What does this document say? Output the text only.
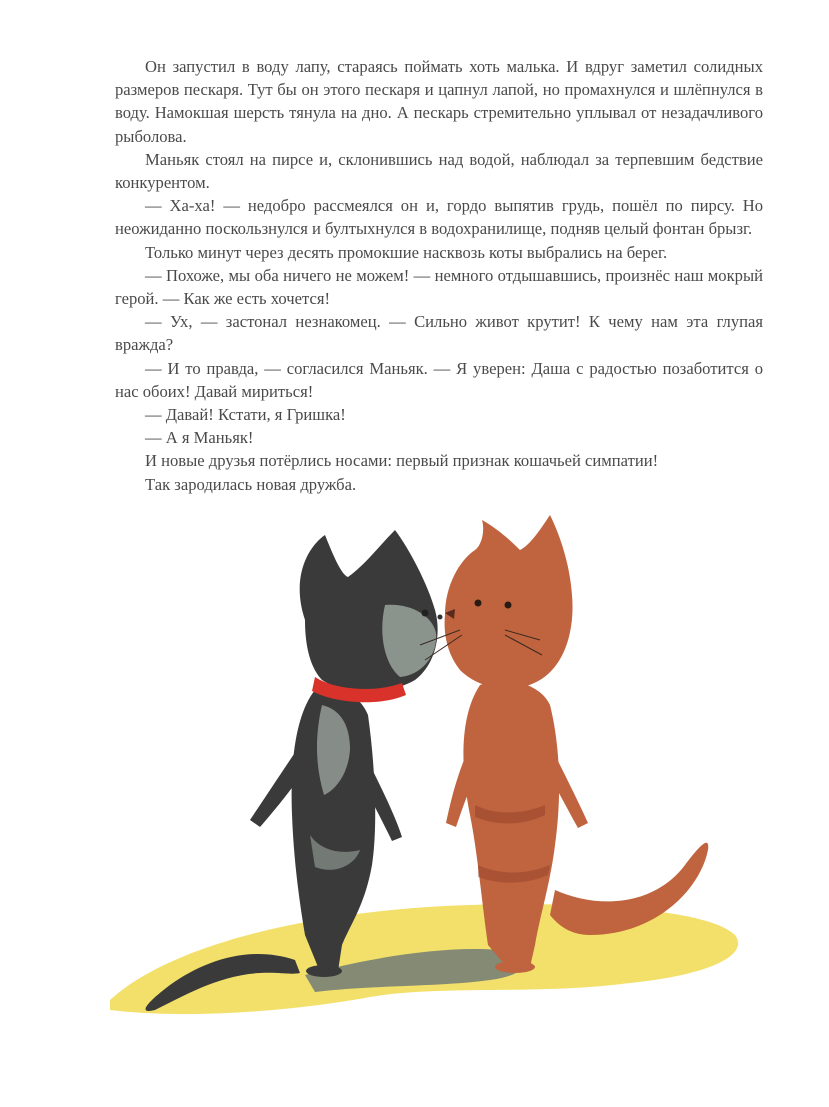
Он запустил в воду лапу, стараясь поймать хоть малька. И вдруг заметил солидных размеров пескаря. Тут бы он этого пескаря и цапнул лапой, но промахнулся и шлёпнулся в воду. Намокшая шерсть тянула на дно. А пескарь стремительно уплывал от незадачливого рыболова.

Маньяк стоял на пирсе и, склонившись над водой, наблюдал за терпевшим бедствие конкурентом.

— Ха-ха! — недобро рассмеялся он и, гордо выпятив грудь, пошёл по пирсу. Но неожиданно поскользнулся и бултыхнулся в водохранилище, подняв целый фонтан брызг.

Только минут через десять промокшие насквозь коты выбрались на берег.

— Похоже, мы оба ничего не можем! — немного отдышавшись, произнёс наш мокрый герой. — Как же есть хочется!

— Ух, — застонал незнакомец. — Сильно живот крутит! К чему нам эта глупая вражда?

— И то правда, — согласился Маньяк. — Я уверен: Даша с радостью позаботится о нас обоих! Давай мириться!

— Давай! Кстати, я Гришка!

— А я Маньяк!

И новые друзья потёрлись носами: первый признак кошачьей симпатии!

Так зародилась новая дружба.
